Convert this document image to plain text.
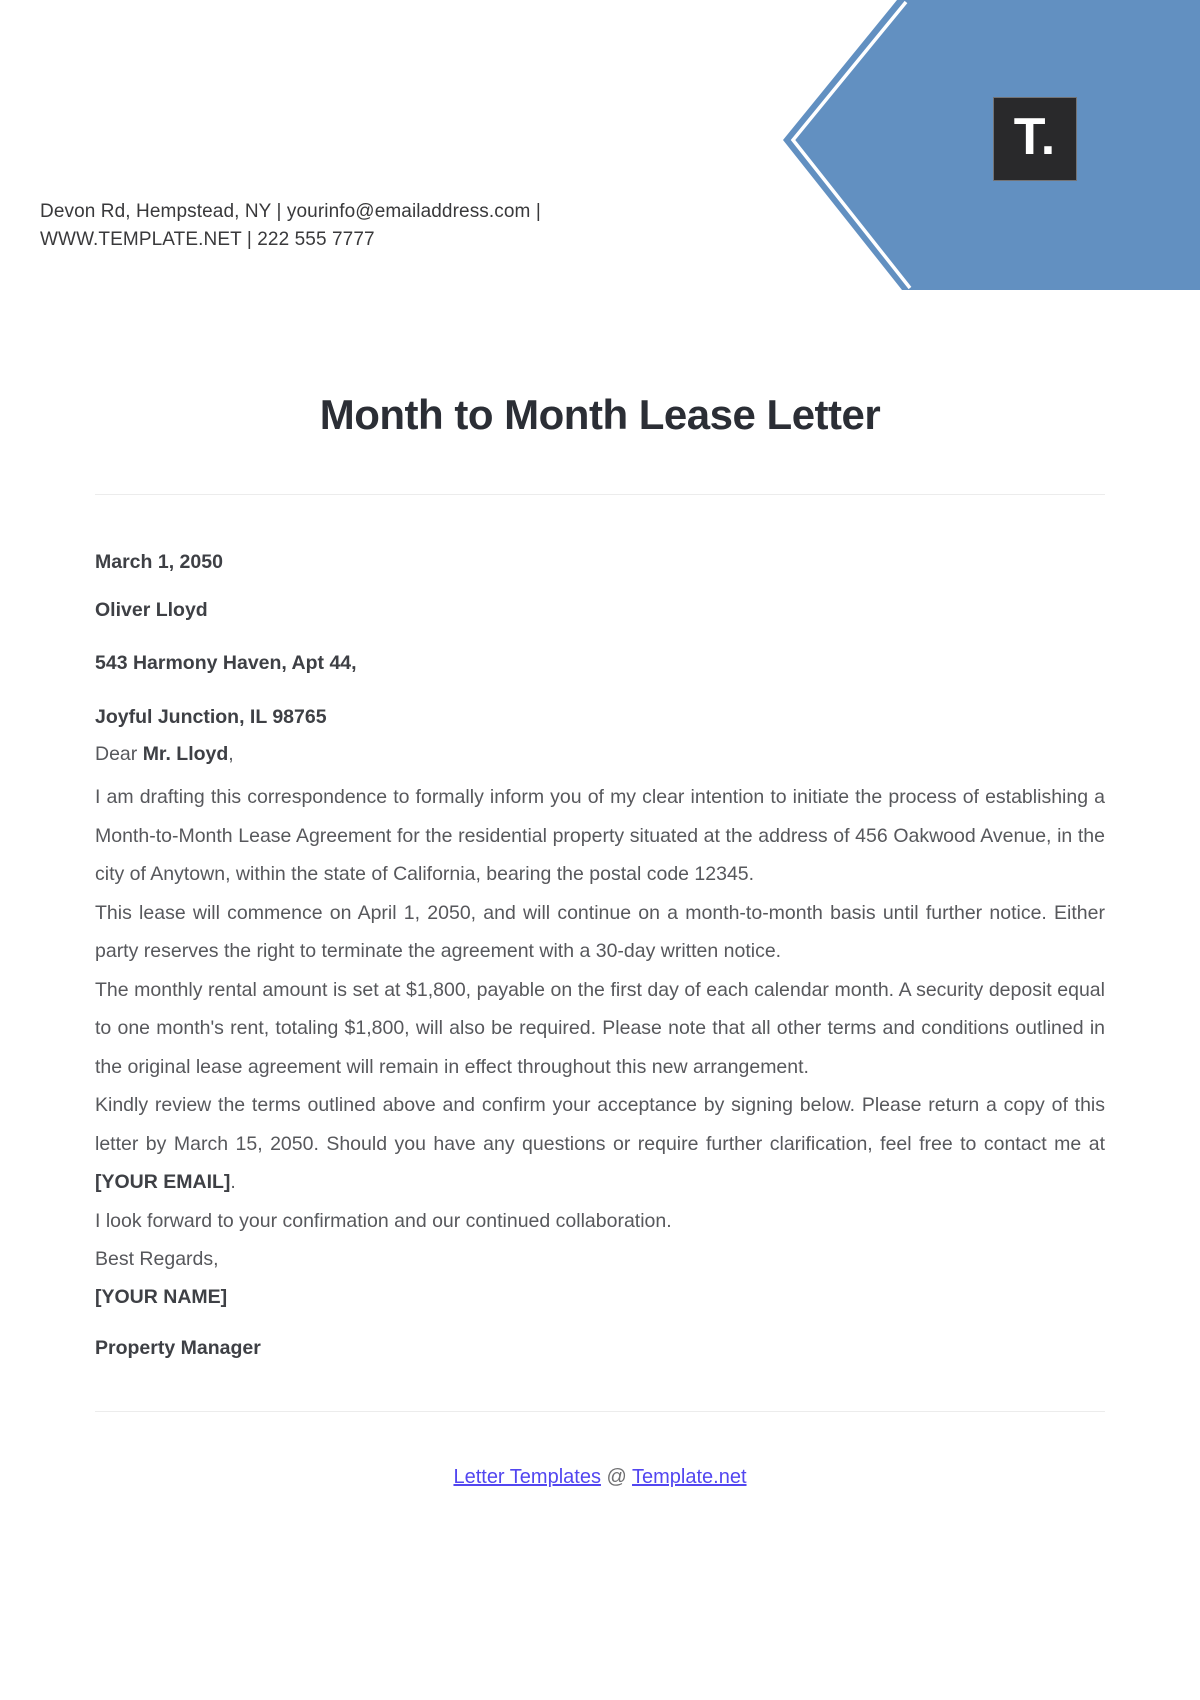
T.
Devon Rd, Hempstead, NY | yourinfo@emailaddress.com |
WWW.TEMPLATE.NET | 222 555 7777
Month to Month Lease Letter

March 1, 2050

Oliver Lloyd

543 Harmony Haven, Apt 44,

Joyful Junction, IL 98765

Dear Mr. Lloyd,

I am drafting this correspondence to formally inform you of my clear intention to initiate the process of establishing a Month-to-Month Lease Agreement for the residential property situated at the address of 456 Oakwood Avenue, in the city of Anytown, within the state of California, bearing the postal code 12345.

This lease will commence on April 1, 2050, and will continue on a month-to-month basis until further notice. Either party reserves the right to terminate the agreement with a 30-day written notice.

The monthly rental amount is set at $1,800, payable on the first day of each calendar month. A security deposit equal to one month's rent, totaling $1,800, will also be required. Please note that all other terms and conditions outlined in the original lease agreement will remain in effect throughout this new arrangement.

Kindly review the terms outlined above and confirm your acceptance by signing below. Please return a copy of this letter by March 15, 2050. Should you have any questions or require further clarification, feel free to contact me at [YOUR EMAIL].

I look forward to your confirmation and our continued collaboration.

Best Regards,

[YOUR NAME]

Property Manager

Letter Templates @ Template.net
